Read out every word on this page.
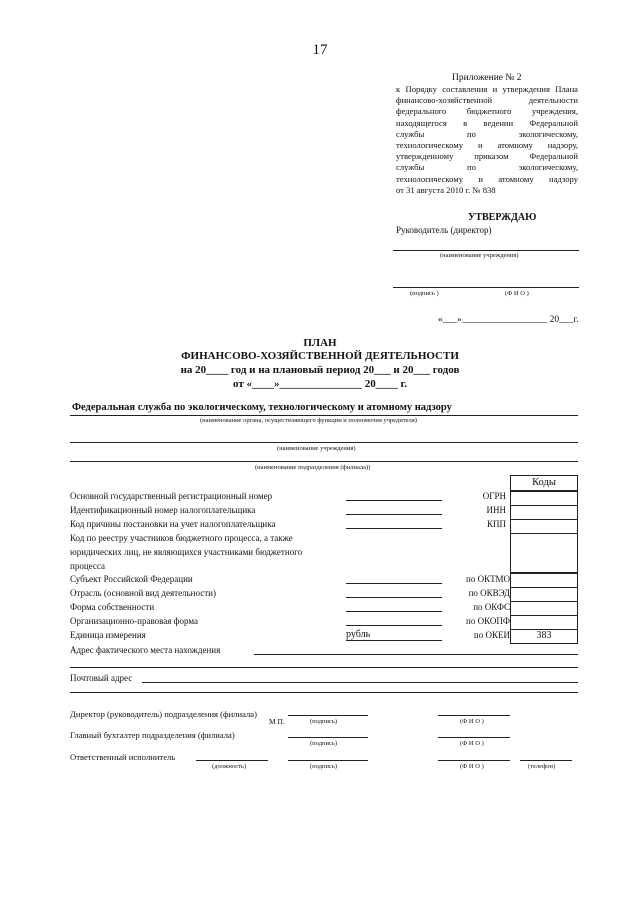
17
Приложение № 2
к Порядку составления и утверждения Плана
финансово-хозяйственной деятельности
федерального бюджетного учреждения,
находящегося в ведении Федеральной
службы по экологическому,
технологическому и атомному надзору,
утвержденному приказом Федеральной
службы по экологическому,
технологическому и атомному надзору
от 31 августа 2010 г. № 838
УТВЕРЖДАЮ
Руководитель (директор)
(наименование учреждения)
(подпись )	(Ф И О )
«___»__________________ 20___г.
ПЛАН
ФИНАНСОВО-ХОЗЯЙСТВЕННОЙ ДЕЯТЕЛЬНОСТИ
на 20____ год и на плановый период 20___ и 20___ годов
от «____»_______________ 20____ г.
Федеральная служба по экологическому, технологическому и атомному надзору
(наименование органа, осуществляющего функции и полномочия учредителя)
(наименование учреждения)
(наименование подразделения (филиала))
Коды
Основной государственный регистрационный номер	ОГРН
Идентификационный номер налогоплательщика	ИНН
Код причины постановки на учет налогоплательщика	КПП
Код по реестру участников бюджетного процесса, а также
юридических лиц, не являющихся участниками бюджетного
процесса
Субъект Российской Федерации	по ОКТМО
Отрасль (основной вид деятельности)	по ОКВЭД
Форма собственности	по ОКФС
Организационно-правовая форма	по ОКОПФ
Единица измерения	рубль	по ОКЕИ	383
Адрес фактического места нахождения
Почтовый адрес
Директор (руководитель) подразделения (филиала)
М П.	(подпись)	(Ф И О )
Главный бухгалтер подразделения (филиала)
(подпись)	(Ф И О )
Ответственный исполнитель
(должность)	(подпись)	(Ф И О )	(телефон)
